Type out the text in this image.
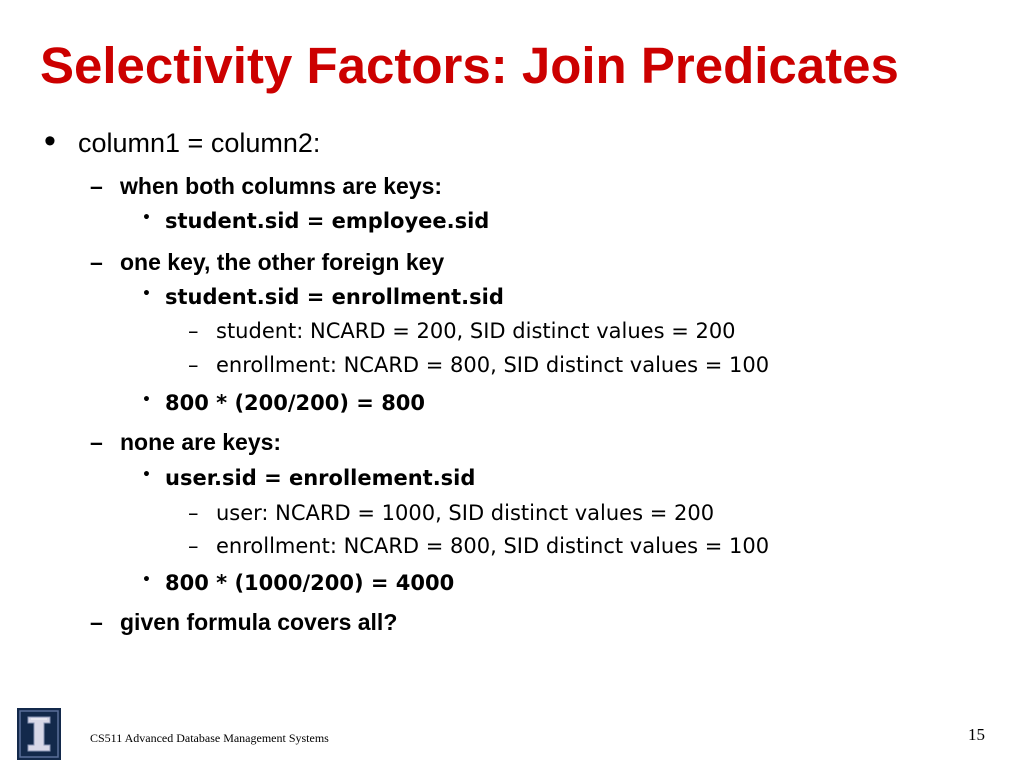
Selectivity Factors: Join Predicates
• column1 = column2:
– when both columns are keys:
• student.sid = employee.sid
– one key, the other foreign key
• student.sid = enrollment.sid
– student: NCARD = 200, SID distinct values = 200
– enrollment: NCARD = 800, SID distinct values = 100
• 800 * (200/200) = 800
– none are keys:
• user.sid = enrollement.sid
– user: NCARD = 1000, SID distinct values = 200
– enrollment: NCARD = 800, SID distinct values = 100
• 800 * (1000/200) = 4000
– given formula covers all?
CS511 Advanced Database Management Systems	15
